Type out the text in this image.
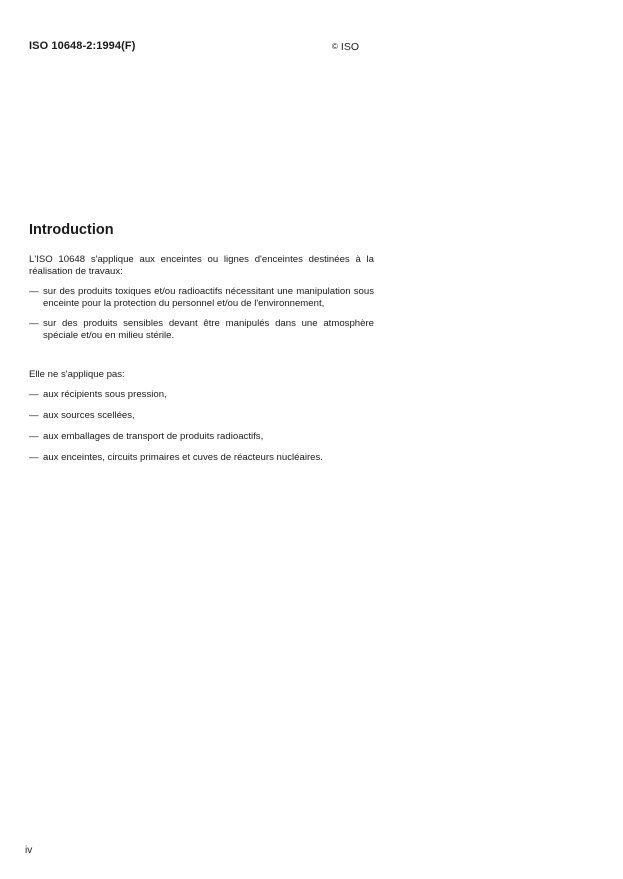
ISO 10648-2:1994(F)	© ISO
Introduction

L'ISO 10648 s'applique aux enceintes ou lignes d'enceintes destinées à la réalisation de travaux:

— sur des produits toxiques et/ou radioactifs nécessitant une manipulation sous enceinte pour la protection du personnel et/ou de l'environnement,
— sur des produits sensibles devant être manipulés dans une atmosphère spéciale et/ou en milieu stérile.

Elle ne s'applique pas:

— aux récipients sous pression,
— aux sources scellées,
— aux emballages de transport de produits radioactifs,
— aux enceintes, circuits primaires et cuves de réacteurs nucléaires.
iv
